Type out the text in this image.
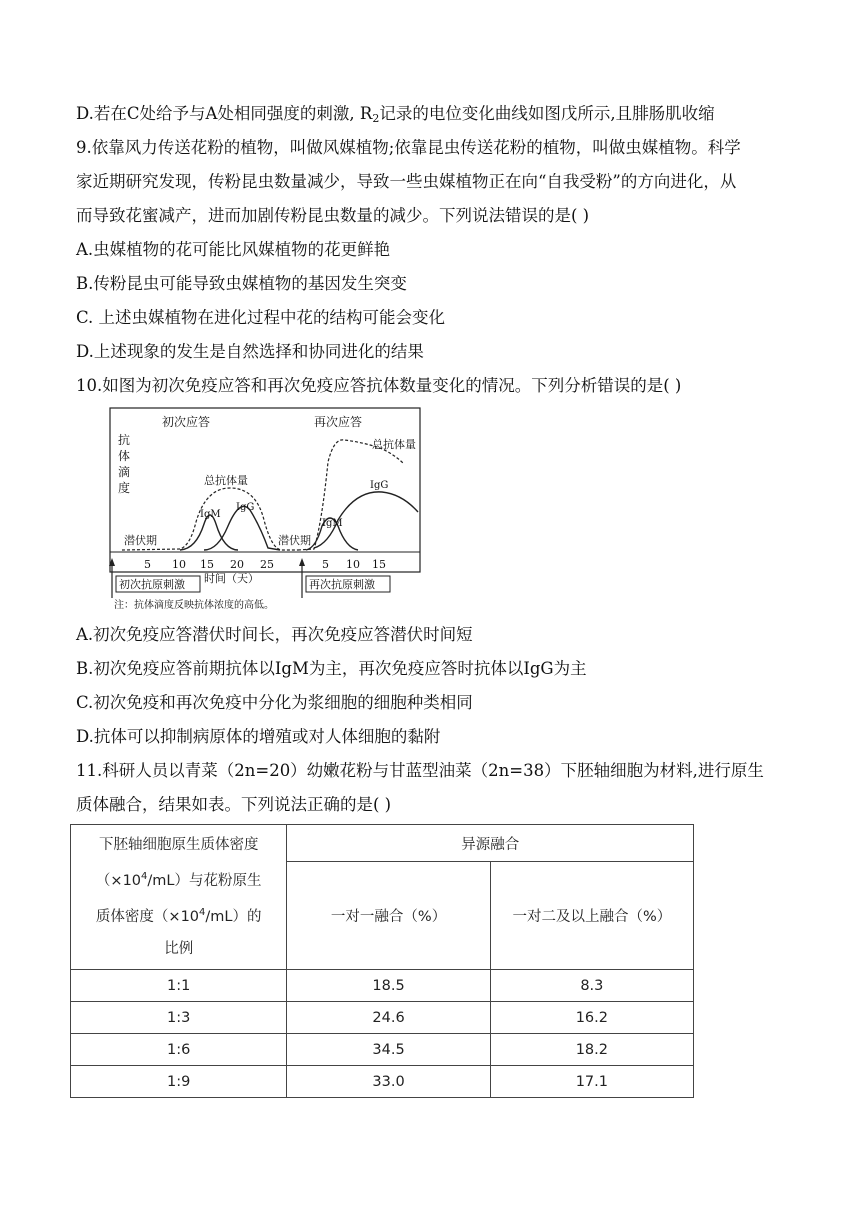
D.若在C处给予与A处相同强度的刺激, $R_2$记录的电位变化曲线如图戊所示,且腓肠肌收缩
9.依靠风力传送花粉的植物，叫做风媒植物;依靠昆虫传送花粉的植物，叫做虫媒植物。科学
家近期研究发现，传粉昆虫数量减少，导致一些虫媒植物正在向“自我受粉”的方向进化，从
而导致花蜜减产，进而加剧传粉昆虫数量的减少。下列说法错误的是( )
A.虫媒植物的花可能比风媒植物的花更鲜艳
B.传粉昆虫可能导致虫媒植物的基因发生突变
C. 上述虫媒植物在进化过程中花的结构可能会变化
D.上述现象的发生是自然选择和协同进化的结果
10.如图为初次免疫应答和再次免疫应答抗体数量变化的情况。下列分析错误的是( )
抗
体
滴
度
初次应答	再次应答
总抗体量
总抗体量
IgM
IgG
IgM
IgG
潜伏期	潜伏期
5 10 15 20 25	5 10 15
时间（天）
初次抗原刺激	再次抗原刺激
注：抗体滴度反映抗体浓度的高低。
A.初次免疫应答潜伏时间长，再次免疫应答潜伏时间短
B.初次免疫应答前期抗体以IgM为主，再次免疫应答时抗体以IgG为主
C.初次免疫和再次免疫中分化为浆细胞的细胞种类相同
D.抗体可以抑制病原体的增殖或对人体细胞的黏附
11.科研人员以青菜（2n=20）幼嫩花粉与甘蓝型油菜（2n=38）下胚轴细胞为材料,进行原生
质体融合，结果如表。下列说法正确的是( )
下胚轴细胞原生质体密度
$(\times 10^4/mL)$与花粉原生
质体密度$(\times 10^4/mL)$的
比例	异源融合	
	一对一融合（%）	一对二及以上融合（%）
1:1	18.5	8.3
1:3	24.6	16.2
1:6	34.5	18.2
1:9	33.0	17.1
